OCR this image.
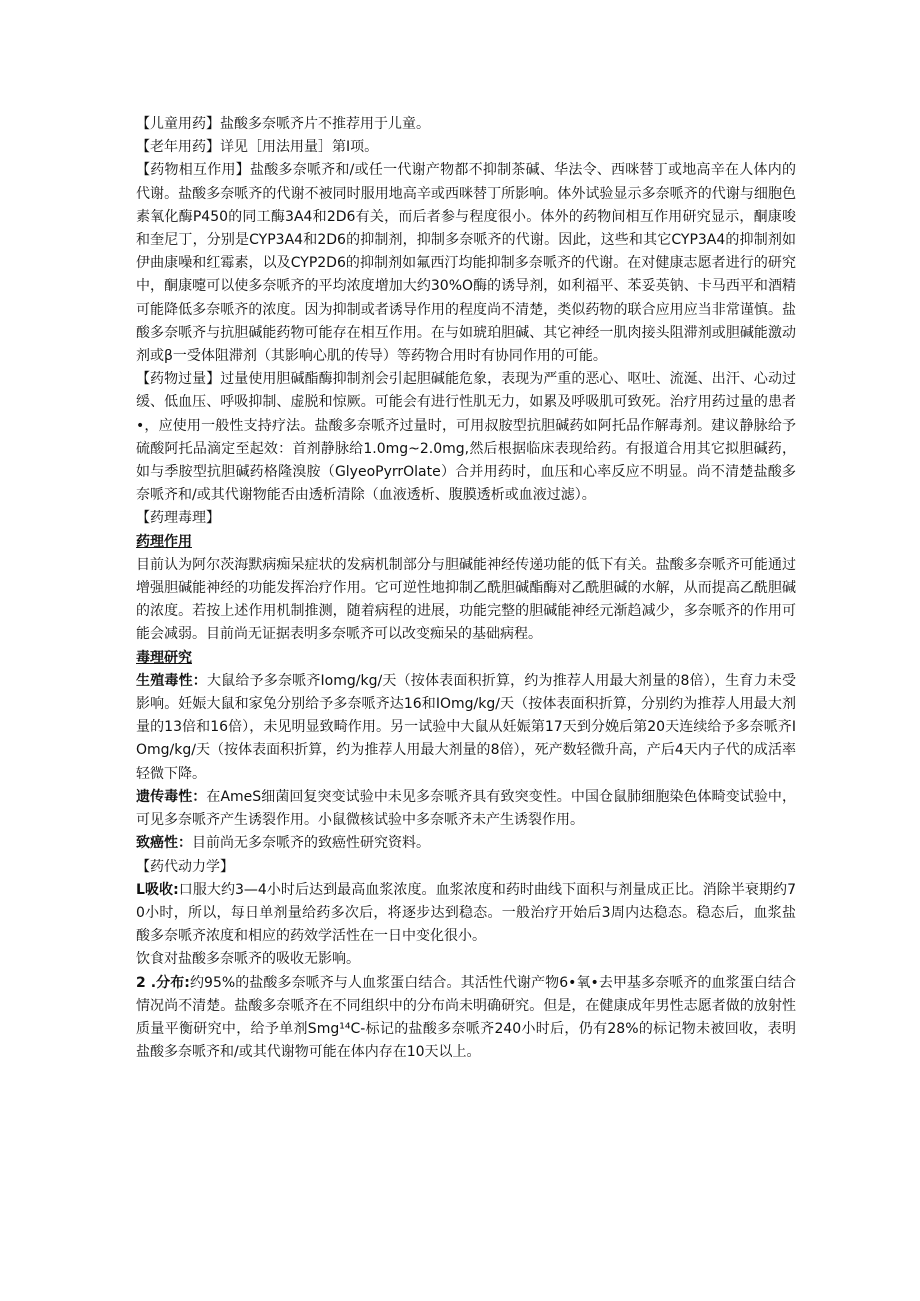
【儿童用药】盐酸多奈哌齐片不推荐用于儿童。

【老年用药】详见［用法用量］第I项。

【药物相互作用】盐酸多奈哌齐和/或任一代谢产物都不抑制茶碱、华法令、西咪替丁或地高辛在人体内的代谢。盐酸多奈哌齐的代谢不被同时服用地高辛或西咪替丁所影响。体外试验显示多奈哌齐的代谢与细胞色素氧化酶P450的同工酶3A4和2D6有关，而后者参与程度很小。体外的药物间相互作用研究显示，酮康唆和奎尼丁，分别是CYP3A4和2D6的抑制剂，抑制多奈哌齐的代谢。因此，这些和其它CYP3A4的抑制剂如伊曲康噪和红霉素，以及CYP2D6的抑制剂如氟西汀均能抑制多奈哌齐的代谢。在对健康志愿者进行的研究中，酮康嚏可以使多奈哌齐的平均浓度增加大约30%O酶的诱导剂，如利福平、苯妥英钠、卡马西平和酒精可能降低多奈哌齐的浓度。因为抑制或者诱导作用的程度尚不清楚，类似药物的联合应用应当非常谨慎。盐酸多奈哌齐与抗胆碱能药物可能存在相互作用。在与如琥珀胆碱、其它神经一肌肉接头阻滞剂或胆碱能激动剂或β一受体阻滞剂（其影响心肌的传导）等药物合用时有协同作用的可能。

【药物过量】过量使用胆碱酯酶抑制剂会引起胆碱能危象，表现为严重的恶心、呕吐、流涎、出汗、心动过缓、低血压、呼吸抑制、虚脱和惊厥。可能会有进行性肌无力，如累及呼吸肌可致死。治疗用药过量的患者•，应使用一般性支持疗法。盐酸多奈哌齐过量时，可用叔胺型抗胆碱药如阿托品作解毒剂。建议静脉给予硫酸阿托品滴定至起效：首剂静脉给1.0mg~2.0mg,然后根据临床表现给药。有报道合用其它拟胆碱药，如与季胺型抗胆碱药格隆溴胺（GlyeoPyrrOlate）合并用药时，血压和心率反应不明显。尚不清楚盐酸多奈哌齐和/或其代谢物能否由透析清除（血液透析、腹膜透析或血液过滤）。

【药理毒理】

药理作用

目前认为阿尔茨海默病痴呆症状的发病机制部分与胆碱能神经传递功能的低下有关。盐酸多奈哌齐可能通过增强胆碱能神经的功能发挥治疗作用。它可逆性地抑制乙酰胆碱酯酶对乙酰胆碱的水解，从而提高乙酰胆碱的浓度。若按上述作用机制推测，随着病程的进展，功能完整的胆碱能神经元渐趋减少，多奈哌齐的作用可能会减弱。目前尚无证据表明多奈哌齐可以改变痴呆的基础病程。

毒理研究

生殖毒性：大鼠给予多奈哌齐Iomg∕kg∕天（按体表面积折算，约为推荐人用最大剂量的8倍），生育力未受影响。妊娠大鼠和家兔分别给予多奈哌齐达16和IOmg∕kg∕天（按体表面积折算，分别约为推荐人用最大剂量的13倍和16倍），未见明显致畸作用。另一试验中大鼠从妊娠第17天到分娩后第20天连续给予多奈哌齐IOmg∕kg∕天（按体表面积折算，约为推荐人用最大剂量的8倍），死产数轻微升高，产后4天内子代的成活率轻微下降。

遗传毒性：在AmeS细菌回复突变试验中未见多奈哌齐具有致突变性。中国仓鼠肺细胞染色体畸变试验中，可见多奈哌齐产生诱裂作用。小鼠微核试验中多奈哌齐未产生诱裂作用。

致癌性：目前尚无多奈哌齐的致癌性研究资料。

【药代动力学】

L吸收:口服大约3—4小时后达到最高血浆浓度。血浆浓度和药时曲线下面积与剂量成正比。消除半衰期约70小时，所以，每日单剂量给药多次后，将逐步达到稳态。一般治疗开始后3周内达稳态。稳态后，血浆盐酸多奈哌齐浓度和相应的药效学活性在一日中变化很小。

饮食对盐酸多奈哌齐的吸收无影响。

2 .分布:约95%的盐酸多奈哌齐与人血浆蛋白结合。其活性代谢产物6•氧•去甲基多奈哌齐的血浆蛋白结合情况尚不清楚。盐酸多奈哌齐在不同组织中的分布尚未明确研究。但是，在健康成年男性志愿者做的放射性质量平衡研究中，给予单剂Smg¹⁴C-标记的盐酸多奈哌齐240小时后，仍有28%的标记物未被回收，表明盐酸多奈哌齐和/或其代谢物可能在体内存在10天以上。
